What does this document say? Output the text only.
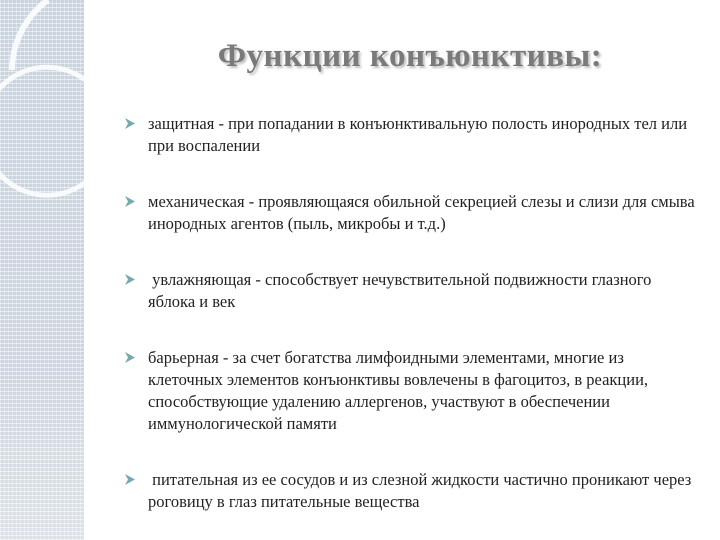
Функции конъюнктивы:
защитная - при попадании в конъюнктивальную полость инородных тел или при воспалении
механическая - проявляющаяся обильной секрецией слезы и слизи для смыва инородных агентов (пыль, микробы и т.д.)
увлажняющая - способствует нечувствительной подвижности глазного яблока и век
барьерная - за счет богатства лимфоидными элементами, многие из клеточных элементов конъюнктивы вовлечены в фагоцитоз, в реакции, способствующие удалению аллергенов, участвуют в обеспечении иммунологической памяти
питательная из ее сосудов и из слезной жидкости частично проникают через роговицу в глаз питательные вещества
